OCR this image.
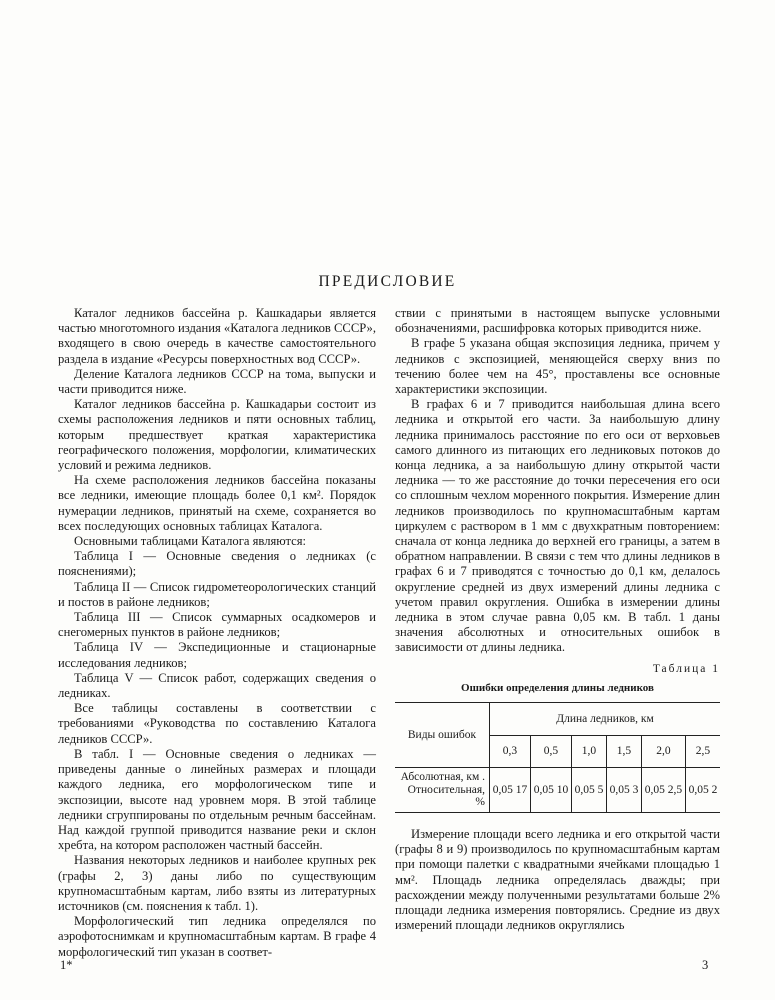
ПРЕДИСЛОВИЕ

Каталог ледников бассейна р. Кашкадарьи является частью многотомного издания «Каталога ледников СССР», входящего в свою очередь в качестве самостоятельного раздела в издание «Ресурсы поверхностных вод СССР».

Деление Каталога ледников СССР на тома, выпуски и части приводится ниже.

Каталог ледников бассейна р. Кашкадарьи состоит из схемы расположения ледников и пяти основных таблиц, которым предшествует краткая характеристика географического положения, морфологии, климатических условий и режима ледников.

На схеме расположения ледников бассейна показаны все ледники, имеющие площадь более 0,1 км². Порядок нумерации ледников, принятый на схеме, сохраняется во всех последующих основных таблицах Каталога.

Основными таблицами Каталога являются:

Таблица I — Основные сведения о ледниках (с пояснениями);

Таблица II — Список гидрометеорологических станций и постов в районе ледников;

Таблица III — Список суммарных осадкомеров и снегомерных пунктов в районе ледников;

Таблица IV — Экспедиционные и стационарные исследования ледников;

Таблица V — Список работ, содержащих сведения о ледниках.

Все таблицы составлены в соответствии с требованиями «Руководства по составлению Каталога ледников СССР».

В табл. I — Основные сведения о ледниках — приведены данные о линейных размерах и площади каждого ледника, его морфологическом типе и экспозиции, высоте над уровнем моря. В этой таблице ледники сгруппированы по отдельным речным бассейнам. Над каждой группой приводится название реки и склон хребта, на котором расположен частный бассейн.

Названия некоторых ледников и наиболее крупных рек (графы 2, 3) даны либо по существующим крупномасштабным картам, либо взяты из литературных источников (см. пояснения к табл. 1).

Морфологический тип ледника определялся по аэрофотоснимкам и крупномасштабным картам. В графе 4 морфологический тип указан в соответ-

ствии с принятыми в настоящем выпуске условными обозначениями, расшифровка которых приводится ниже.

В графе 5 указана общая экспозиция ледника, причем у ледников с экспозицией, меняющейся сверху вниз по течению более чем на 45°, проставлены все основные характеристики экспозиции.

В графах 6 и 7 приводится наибольшая длина всего ледника и открытой его части. За наибольшую длину ледника принималось расстояние по его оси от верховьев самого длинного из питающих его ледниковых потоков до конца ледника, а за наибольшую длину открытой части ледника — то же расстояние до точки пересечения его оси со сплошным чехлом моренного покрытия. Измерение длин ледников производилось по крупномасштабным картам циркулем с раствором в 1 мм с двухкратным повторением: сначала от конца ледника до верхней его границы, а затем в обратном направлении. В связи с тем что длины ледников в графах 6 и 7 приводятся с точностью до 0,1 км, делалось округление средней из двух измерений длины ледника с учетом правил округления. Ошибка в измерении длины ледника в этом случае равна 0,05 км. В табл. 1 даны значения абсолютных и относительных ошибок в зависимости от длины ледника.

Таблица 1
Ошибки определения длины ледников
Виды ошибок	Длина ледников, км					
	0,3	0,5	1,0	1,5	2,0	2,5
Абсолютная, км . Относительная, %	0,05 17	0,05 10	0,05 5	0,05 3	0,05 2,5	0,05 2

Измерение площади всего ледника и его открытой части (графы 8 и 9) производилось по крупномасштабным картам при помощи палетки с квадратными ячейками площадью 1 мм². Площадь ледника определялась дважды; при расхождении между полученными результатами больше 2% площади ледника измерения повторялись. Средние из двух измерений площади ледников округлялись

1*	3
